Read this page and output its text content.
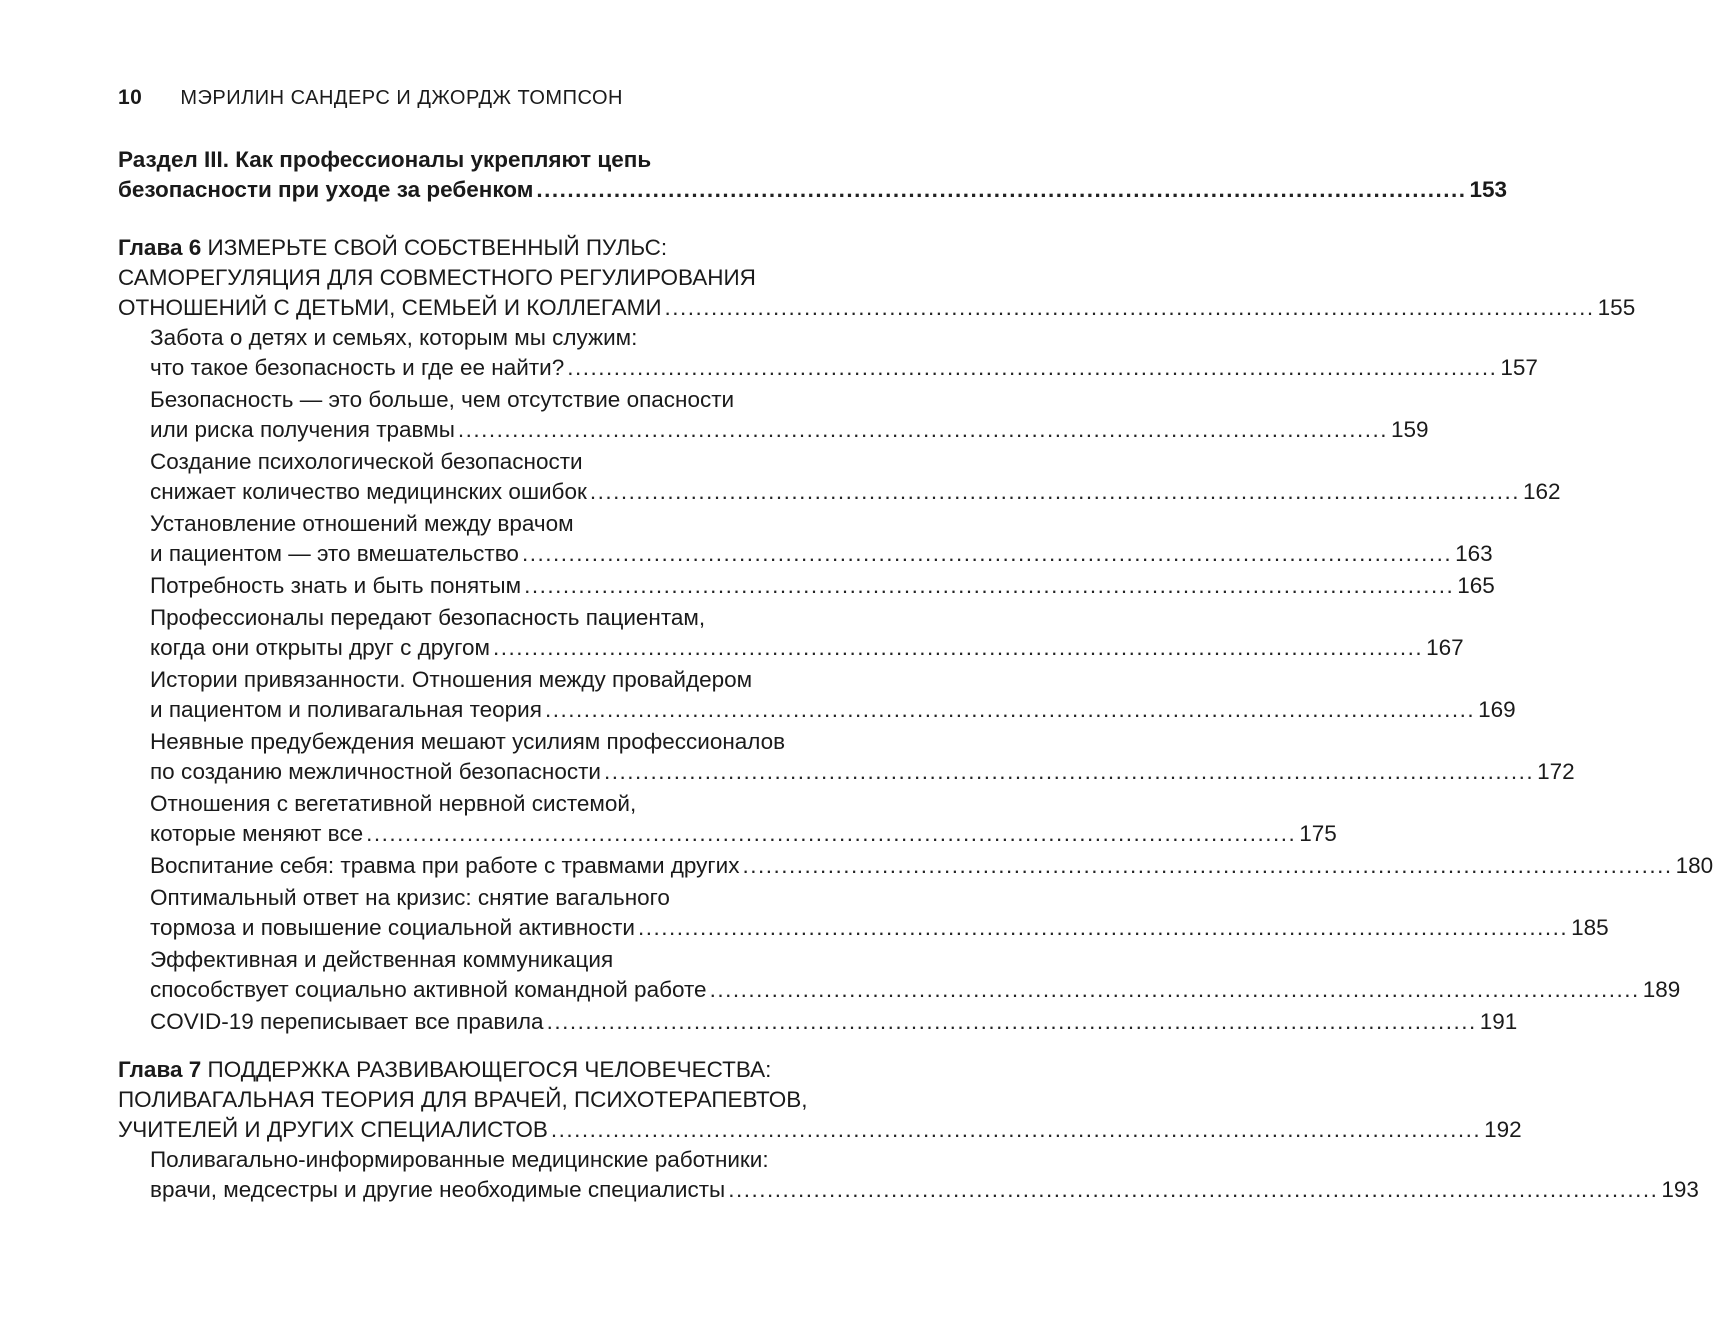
10 МЭРИЛИН САНДЕРС И ДЖОРДЖ ТОМПСОН
Раздел III. Как профессионалы укрепляют цепь
безопасности при уходе за ребенком ........................................................................................................................ 153
Глава 6 ИЗМЕРЬТЕ СВОЙ СОБСТВЕННЫЙ ПУЛЬС:
САМОРЕГУЛЯЦИЯ ДЛЯ СОВМЕСТНОГО РЕГУЛИРОВАНИЯ
ОТНОШЕНИЙ С ДЕТЬМИ, СЕМЬЕЙ И КОЛЛЕГАМИ ........................................................................................................................ 155
Забота о детях и семьях, которым мы служим:
что такое безопасность и где ее найти? ........................................................................................................................ 157
Безопасность — это больше, чем отсутствие опасности
или риска получения травмы ........................................................................................................................ 159
Создание психологической безопасности
снижает количество медицинских ошибок ........................................................................................................................ 162
Установление отношений между врачом
и пациентом — это вмешательство ........................................................................................................................ 163
Потребность знать и быть понятым ........................................................................................................................ 165
Профессионалы передают безопасность пациентам,
когда они открыты друг с другом ........................................................................................................................ 167
Истории привязанности. Отношения между провайдером
и пациентом и поливагальная теория ........................................................................................................................ 169
Неявные предубеждения мешают усилиям профессионалов
по созданию межличностной безопасности ........................................................................................................................ 172
Отношения с вегетативной нервной системой,
которые меняют все ........................................................................................................................ 175
Воспитание себя: травма при работе с травмами других ........................................................................................................................ 180
Оптимальный ответ на кризис: снятие вагального
тормоза и повышение социальной активности ........................................................................................................................ 185
Эффективная и действенная коммуникация
способствует социально активной командной работе ........................................................................................................................ 189
COVID-19 переписывает все правила ........................................................................................................................ 191
Глава 7 ПОДДЕРЖКА РАЗВИВАЮЩЕГОСЯ ЧЕЛОВЕЧЕСТВА:
ПОЛИВАГАЛЬНАЯ ТЕОРИЯ ДЛЯ ВРАЧЕЙ, ПСИХОТЕРАПЕВТОВ,
УЧИТЕЛЕЙ И ДРУГИХ СПЕЦИАЛИСТОВ ........................................................................................................................ 192
Поливагально-информированные медицинские работники:
врачи, медсестры и другие необходимые специалисты ........................................................................................................................ 193
